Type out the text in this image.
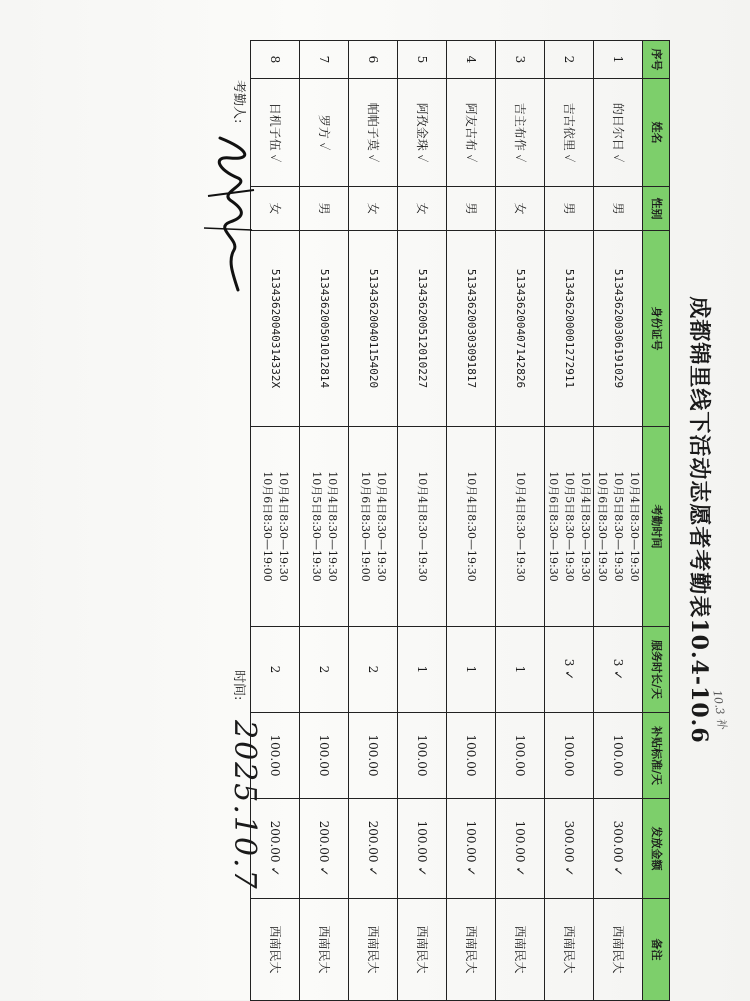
成都锦里线下活动志愿者考勤表10.4-10.6
10.3 补
序号	姓名	性别	身份证号	考勤时间	服务时长/天	补贴标准/天	发放金额	备注
1	的日尔日 ✓	男	513436200306191029	10月4日8:30—19:30
10月5日8:30—19:30
10月6日8:30—19:30	3 ✓	100.00	300.00 ✓	西南民大
2	吉古依里 ✓	男	513436200001272911	10月4日8:30—19:30
10月5日8:30—19:30
10月6日8:30—19:30	3 ✓	100.00	300.00 ✓	西南民大
3	吉主布作 ✓	女	513436200407142826	10月4日8:30—19:30	1	100.00	100.00 ✓	西南民大
4	阿友古布 ✓	男	513436200303091817	10月4日8:30—19:30	1	100.00	100.00 ✓	西南民大
5	阿孜金珠 ✓	女	513436200512010227	10月4日8:30—19:30	1	100.00	100.00 ✓	西南民大
6	帕帕子莫 ✓	女	513436200401154020	10月4日8:30—19:30
10月6日8:30—19:00	2	100.00	200.00 ✓	西南民大
7	罗方 ✓	男	513436200501012814	10月4日8:30—19:30
10月5日8:30—19:30	2	100.00	200.00 ✓	西南民大
8	日机子伍 ✓	女	51343620040314332X	10月4日8:30—19:30
10月6日8:30—19:00	2	100.00	200.00 ✓	西南民大
考勤人:
时间:
2025.10.7
